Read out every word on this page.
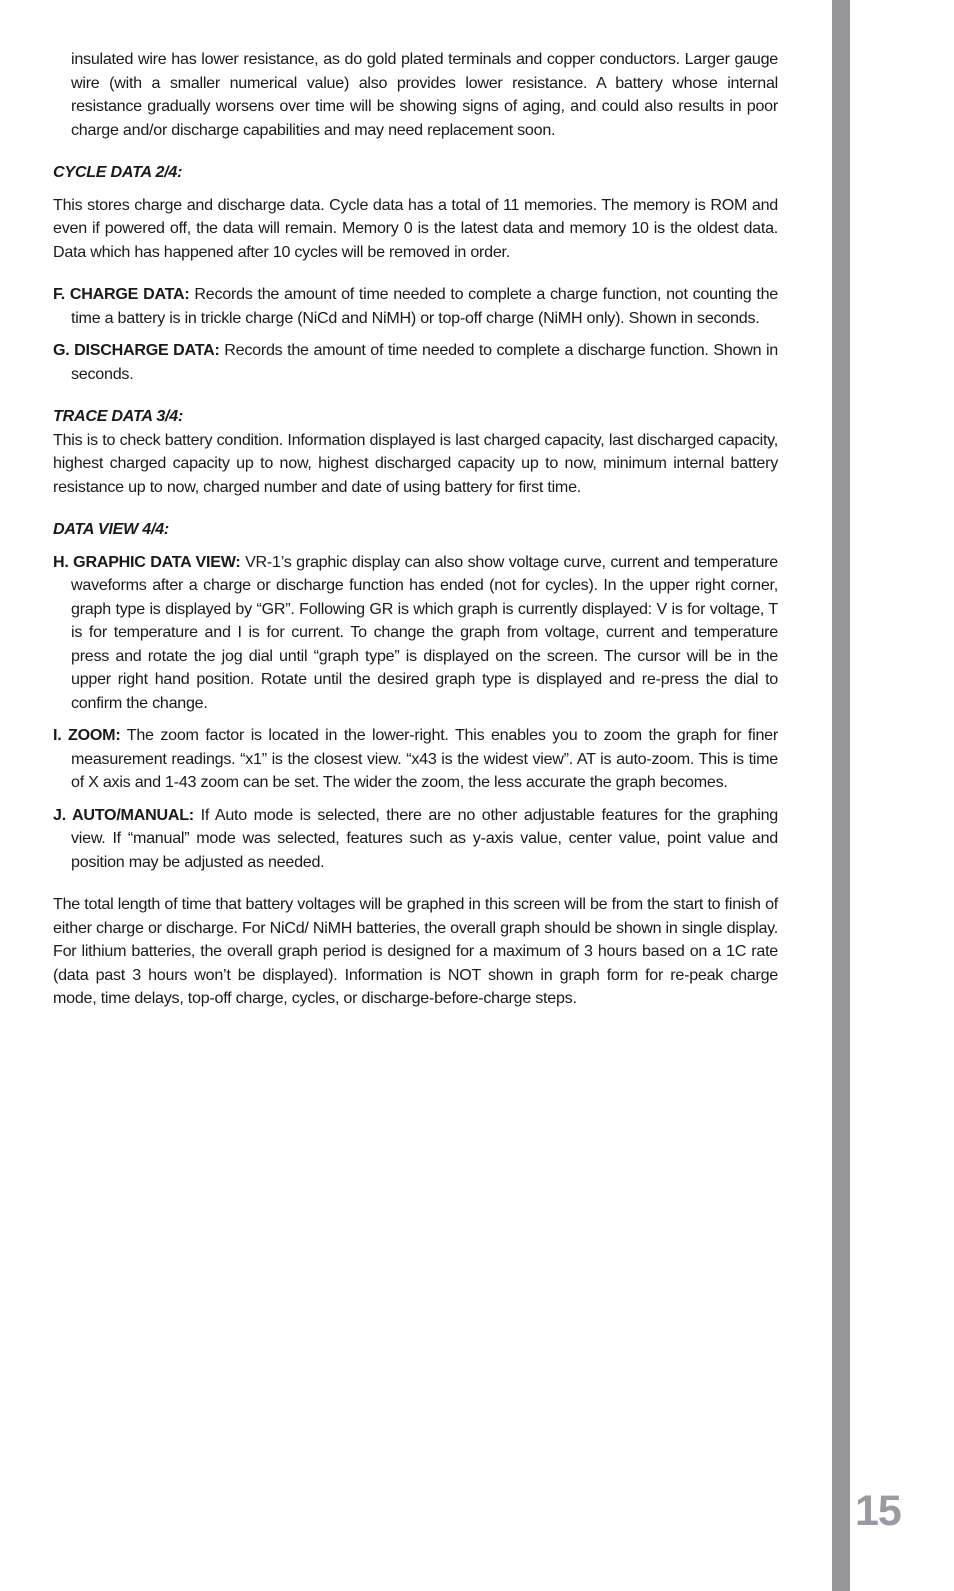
15

insulated wire has lower resistance, as do gold plated terminals and copper conductors. Larger gauge wire (with a smaller numerical value) also provides lower resistance. A battery whose internal resistance gradually worsens over time will be showing signs of aging, and could also results in poor charge and/or discharge capabilities and may need replacement soon.

CYCLE DATA 2/4:

This stores charge and discharge data. Cycle data has a total of 11 memories. The memory is ROM and even if powered off, the data will remain. Memory 0 is the latest data and memory 10 is the oldest data. Data which has happened after 10 cycles will be removed in order.

F. CHARGE DATA: Records the amount of time needed to complete a charge function, not counting the time a battery is in trickle charge (NiCd and NiMH) or top-off charge (NiMH only). Shown in seconds.

G. DISCHARGE DATA: Records the amount of time needed to complete a discharge function. Shown in seconds.

TRACE DATA 3/4:

This is to check battery condition. Information displayed is last charged capacity, last discharged capacity, highest charged capacity up to now, highest discharged capacity up to now, minimum internal battery resistance up to now, charged number and date of using battery for first time.

DATA VIEW 4/4:

H. GRAPHIC DATA VIEW: VR-1’s graphic display can also show voltage curve, current and temperature waveforms after a charge or discharge function has ended (not for cycles). In the upper right corner, graph type is displayed by “GR”. Following GR is which graph is currently displayed: V is for voltage, T is for temperature and I is for current. To change the graph from voltage, current and temperature press and rotate the jog dial until “graph type” is displayed on the screen. The cursor will be in the upper right hand position. Rotate until the desired graph type is displayed and re-press the dial to confirm the change.

I. ZOOM: The zoom factor is located in the lower-right. This enables you to zoom the graph for finer measurement readings. “x1” is the closest view. “x43 is the widest view”. AT is auto-zoom. This is time of X axis and 1-43 zoom can be set. The wider the zoom, the less accurate the graph becomes.

J. AUTO/MANUAL: If Auto mode is selected, there are no other adjustable features for the graphing view. If “manual” mode was selected, features such as y-axis value, center value, point value and position may be adjusted as needed.

The total length of time that battery voltages will be graphed in this screen will be from the start to finish of either charge or discharge. For NiCd/ NiMH batteries, the overall graph should be shown in single display. For lithium batteries, the overall graph period is designed for a maximum of 3 hours based on a 1C rate (data past 3 hours won’t be displayed). Information is NOT shown in graph form for re-peak charge mode, time delays, top-off charge, cycles, or discharge-before-charge steps.
